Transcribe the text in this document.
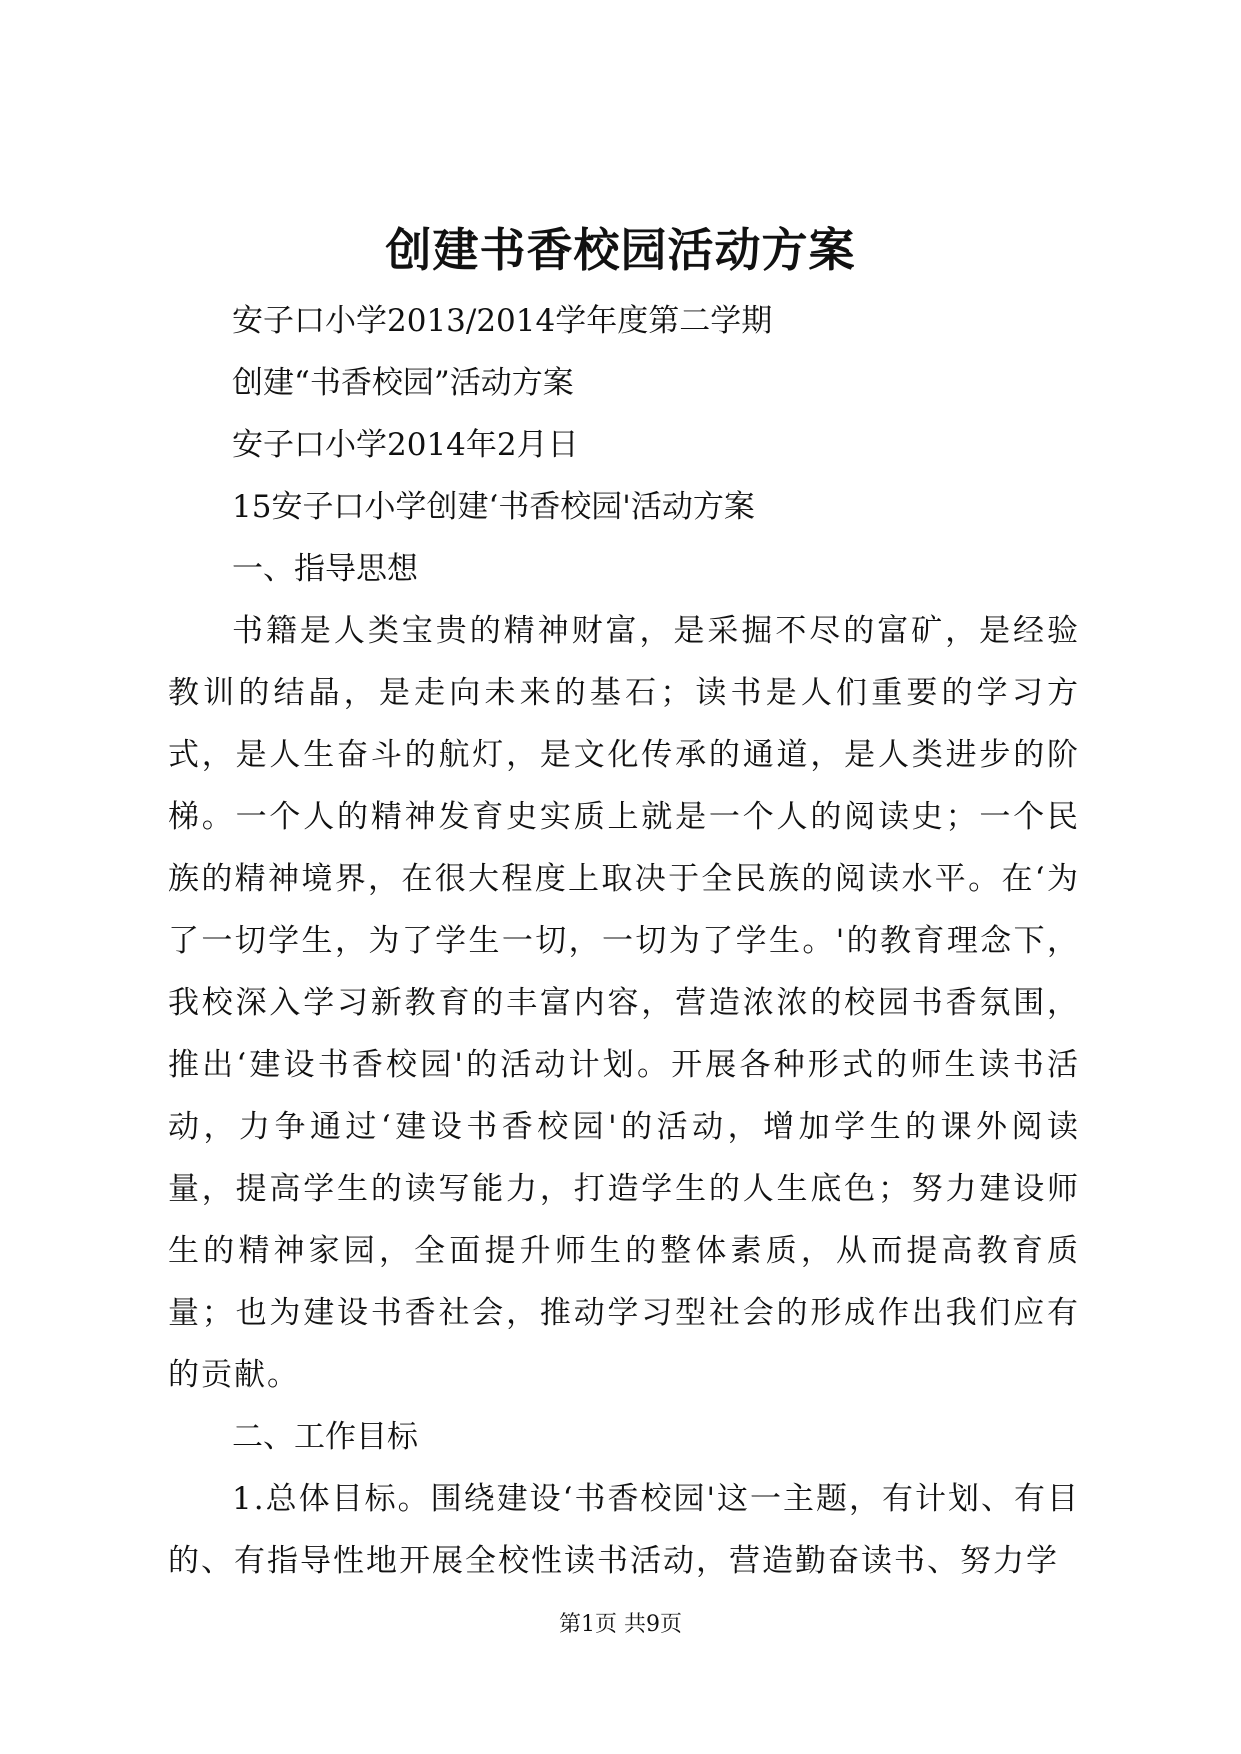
创建书香校园活动方案

安子口小学2013/2014学年度第二学期

创建“书香校园”活动方案

安子口小学2014年2月日

15安子口小学创建‘书香校园'活动方案

一、指导思想

书籍是人类宝贵的精神财富，是采掘不尽的富矿，是经验教训的结晶，是走向未来的基石；读书是人们重要的学习方式，是人生奋斗的航灯，是文化传承的通道，是人类进步的阶梯。一个人的精神发育史实质上就是一个人的阅读史；一个民族的精神境界，在很大程度上取决于全民族的阅读水平。在‘为了一切学生，为了学生一切，一切为了学生。'的教育理念下，我校深入学习新教育的丰富内容，营造浓浓的校园书香氛围，推出‘建设书香校园'的活动计划。开展各种形式的师生读书活动，力争通过‘建设书香校园'的活动，增加学生的课外阅读量，提高学生的读写能力，打造学生的人生底色；努力建设师生的精神家园，全面提升师生的整体素质，从而提高教育质量；也为建设书香社会，推动学习型社会的形成作出我们应有的贡献。

二、工作目标

1.总体目标。围绕建设‘书香校园'这一主题，有计划、有目的、有指导性地开展全校性读书活动，营造勤奋读书、努力学

第1页 共9页
